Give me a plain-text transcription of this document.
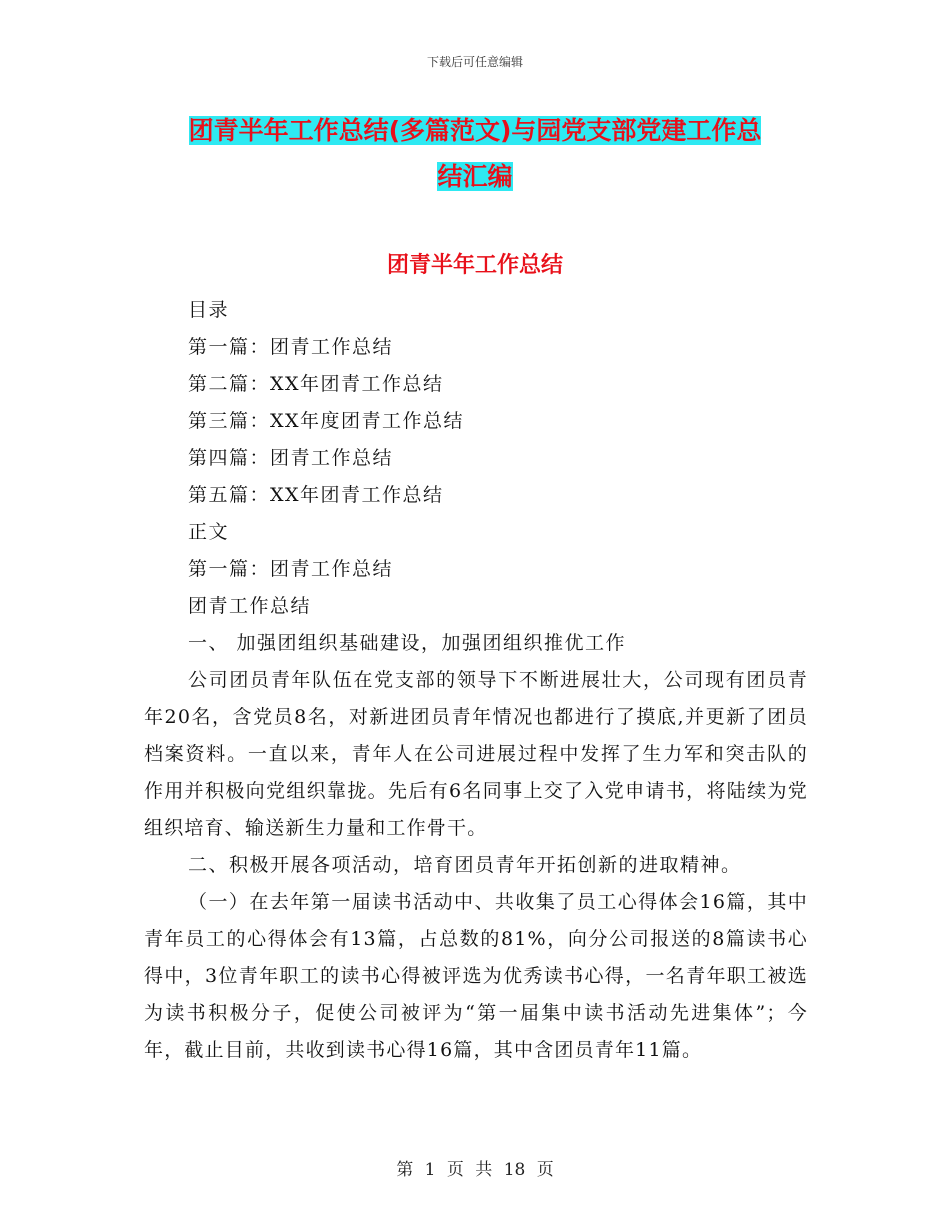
下载后可任意编辑
团青半年工作总结(多篇范文)与园党支部党建工作总
结汇编
团青半年工作总结
目录
第一篇：团青工作总结
第二篇：XX年团青工作总结
第三篇：XX年度团青工作总结
第四篇：团青工作总结
第五篇：XX年团青工作总结
正文
第一篇：团青工作总结
团青工作总结
一、 加强团组织基础建设，加强团组织推优工作
公司团员青年队伍在党支部的领导下不断进展壮大，公司现有团员青年20名，含党员8名，对新进团员青年情况也都进行了摸底,并更新了团员档案资料。一直以来，青年人在公司进展过程中发挥了生力军和突击队的作用并积极向党组织靠拢。先后有6名同事上交了入党申请书，将陆续为党组织培育、输送新生力量和工作骨干。
二、积极开展各项活动，培育团员青年开拓创新的进取精神。
（一）在去年第一届读书活动中、共收集了员工心得体会16篇，其中青年员工的心得体会有13篇，占总数的81%，向分公司报送的8篇读书心得中，3位青年职工的读书心得被评选为优秀读书心得，一名青年职工被选为读书积极分子，促使公司被评为“第一届集中读书活动先进集体”；今年，截止目前，共收到读书心得16篇，其中含团员青年11篇。
第 1 页 共 18 页
